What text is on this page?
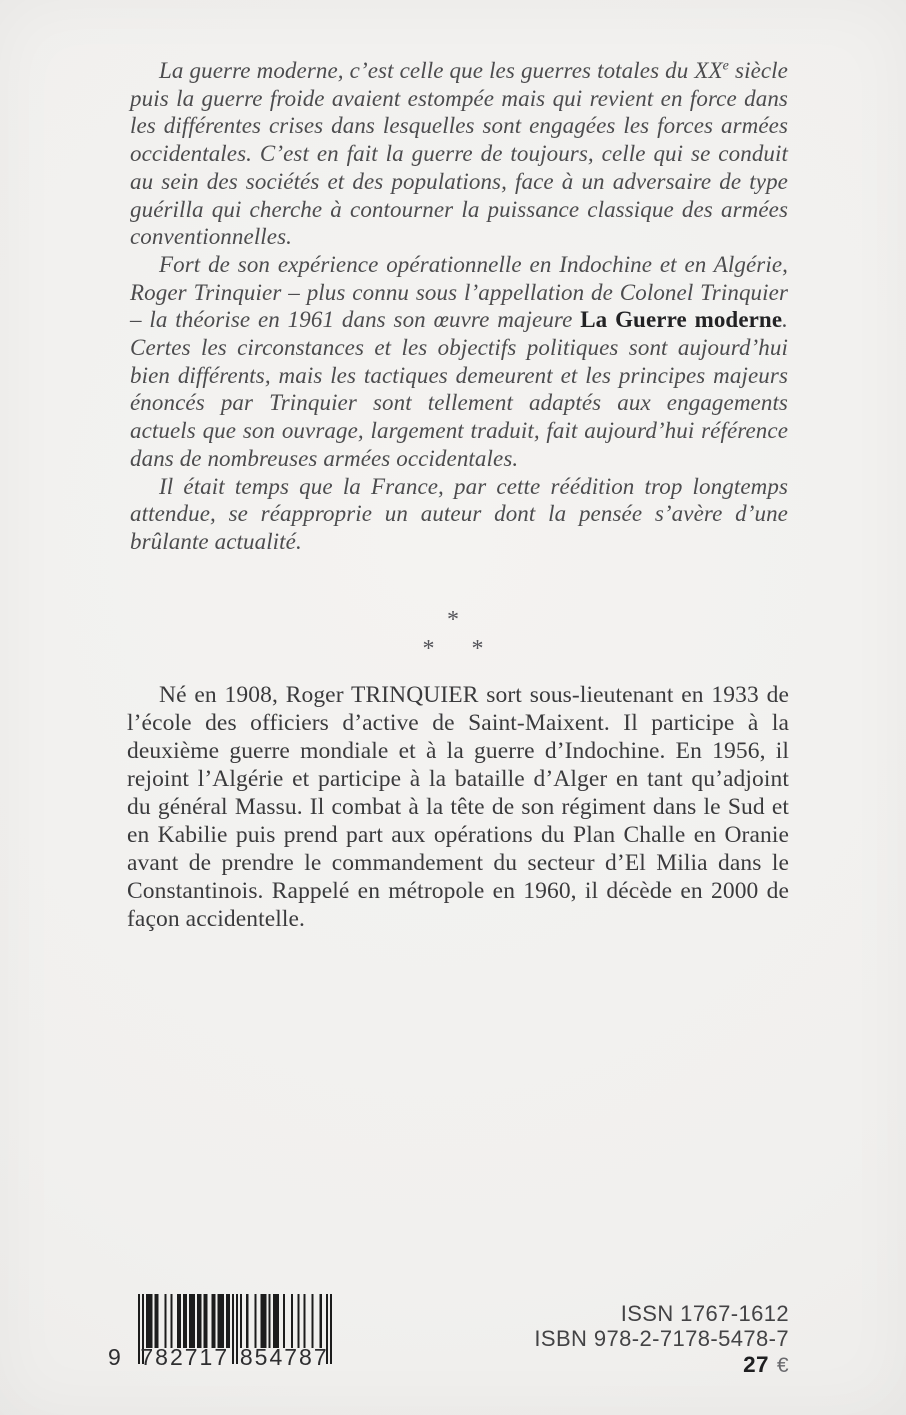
La guerre moderne, c’est celle que les guerres totales du XXe siècle puis la guerre froide avaient estompée mais qui revient en force dans les différentes crises dans lesquelles sont engagées les forces armées occidentales. C’est en fait la guerre de toujours, celle qui se conduit au sein des sociétés et des populations, face à un adversaire de type guérilla qui cherche à contourner la puissance classique des armées conventionnelles.

Fort de son expérience opérationnelle en Indochine et en Algérie, Roger Trinquier – plus connu sous l’appellation de Colonel Trinquier – la théorise en 1961 dans son œuvre majeure La Guerre moderne. Certes les circonstances et les objectifs politiques sont aujourd’hui bien différents, mais les tactiques demeurent et les principes majeurs énoncés par Trinquier sont tellement adaptés aux engagements actuels que son ouvrage, largement traduit, fait aujourd’hui référence dans de nombreuses armées occidentales.

Il était temps que la France, par cette réédition trop longtemps attendue, se réapproprie un auteur dont la pensée s’avère d’une brûlante actualité.

*
* *

Né en 1908, Roger TRINQUIER sort sous-lieutenant en 1933 de l’école des officiers d’active de Saint-Maixent. Il participe à la deuxième guerre mondiale et à la guerre d’Indochine. En 1956, il rejoint l’Algérie et participe à la bataille d’Alger en tant qu’adjoint du général Massu. Il combat à la tête de son régiment dans le Sud et en Kabilie puis prend part aux opérations du Plan Challe en Oranie avant de prendre le commandement du secteur d’El Milia dans le Constantinois. Rappelé en métropole en 1960, il décède en 2000 de façon accidentelle.

9 782717 854787
ISSN 1767-1612
ISBN 978-2-7178-5478-7
27 €
